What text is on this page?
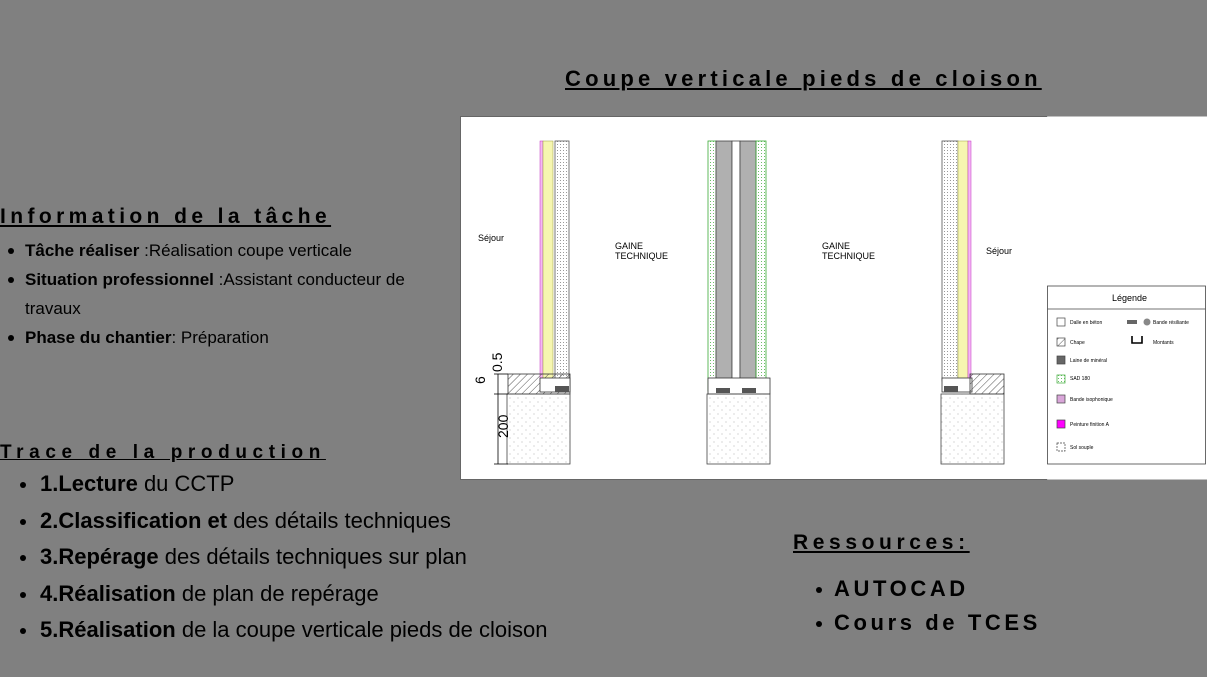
Coupe verticale pieds de cloison
Information de la tâche
Tâche réaliser :Réalisation coupe verticale
Situation professionnel :Assistant conducteur de travaux
Phase du chantier: Préparation
Trace de la production
1.Lecture du CCTP
2.Classification et des détails techniques
3.Repérage des détails techniques sur plan
4.Réalisation de plan de repérage
5.Réalisation de la coupe verticale pieds de cloison
Ressources:
AUTOCAD
Cours de TCES
0.5
6
200
Séjour
GAINE
TECHNIQUE
GAINE
TECHNIQUE	Séjour
Légende
Dalle en béton
Chape
Laine de minéral
SAD 180
Bande isophonique
Peinture finition A
Sol souple
Bande résiliante
Montants
